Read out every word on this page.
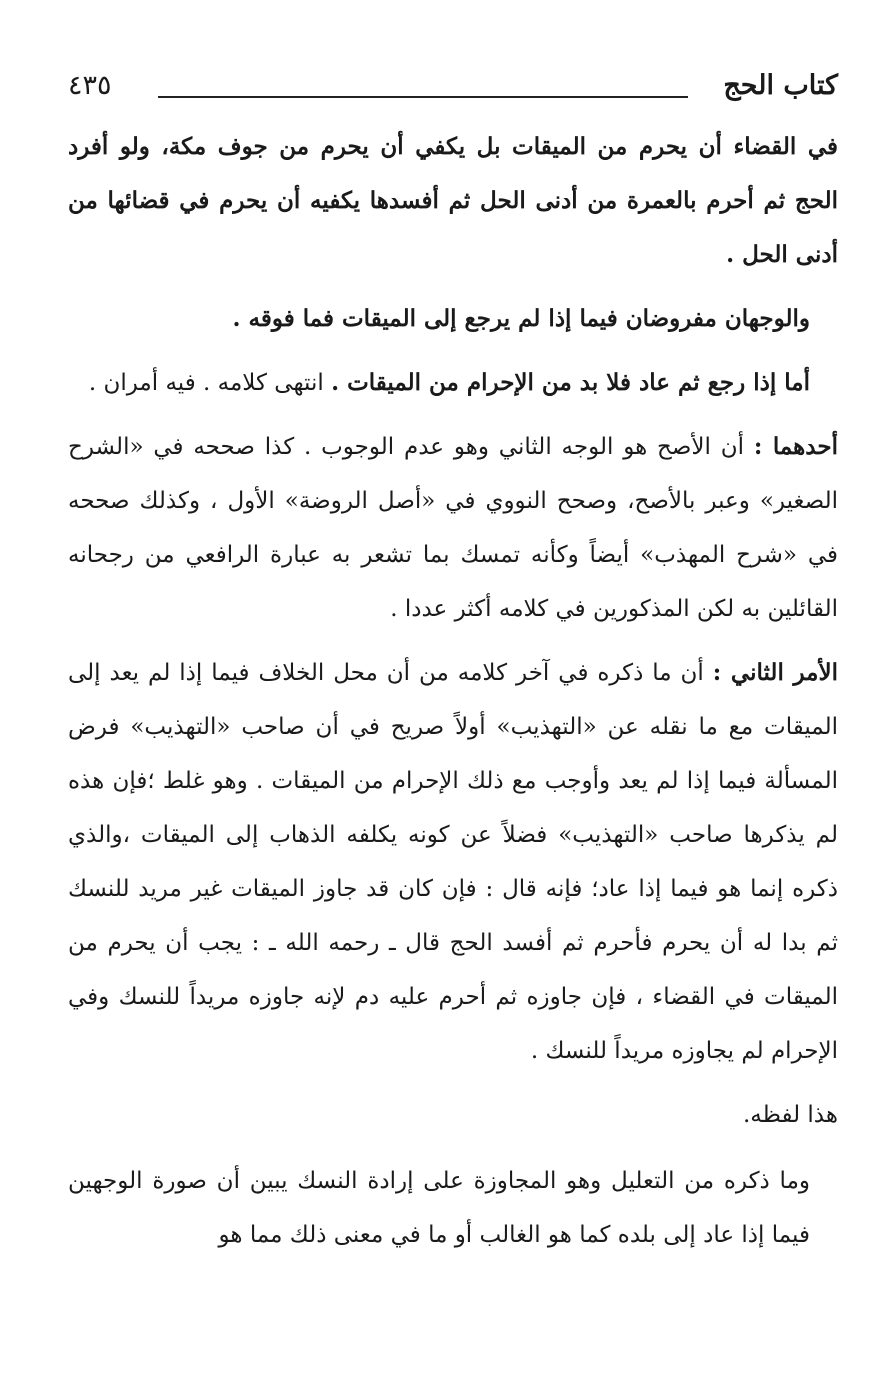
كتاب الحج
٤٣٥

في القضاء أن يحرم من الميقات بل يكفي أن يحرم من جوف مكة، ولو أفرد الحج ثم أحرم بالعمرة من أدنى الحل ثم أفسدها يكفيه أن يحرم في قضائها من أدنى الحل .

والوجهان مفروضان فيما إذا لم يرجع إلى الميقات فما فوقه .

أما إذا رجع ثم عاد فلا بد من الإحرام من الميقات . انتهى كلامه . فيه أمران .

أحدهما : أن الأصح هو الوجه الثاني وهو عدم الوجوب . كذا صححه في «الشرح الصغير» وعبر بالأصح، وصحح النووي في «أصل الروضة» الأول ، وكذلك صححه في «شرح المهذب» أيضاً وكأنه تمسك بما تشعر به عبارة الرافعي من رجحانه القائلين به لكن المذكورين في كلامه أكثر عددا .

الأمر الثاني : أن ما ذكره في آخر كلامه من أن محل الخلاف فيما إذا لم يعد إلى الميقات مع ما نقله عن «التهذيب» أولاً صريح في أن صاحب «التهذيب» فرض المسألة فيما إذا لم يعد وأوجب مع ذلك الإحرام من الميقات . وهو غلط ؛فإن هذه لم يذكرها صاحب «التهذيب» فضلاً عن كونه يكلفه الذهاب إلى الميقات ،والذي ذكره إنما هو فيما إذا عاد؛ فإنه قال : فإن كان قد جاوز الميقات غير مريد للنسك ثم بدا له أن يحرم فأحرم ثم أفسد الحج قال ـ رحمه الله ـ : يجب أن يحرم من الميقات في القضاء ، فإن جاوزه ثم أحرم عليه دم لإنه جاوزه مريداً للنسك وفي الإحرام لم يجاوزه مريداً للنسك .

هذا لفظه.

وما ذكره من التعليل وهو المجاوزة على إرادة النسك يبين أن صورة الوجهين فيما إذا عاد إلى بلده كما هو الغالب أو ما في معنى ذلك مما هو
